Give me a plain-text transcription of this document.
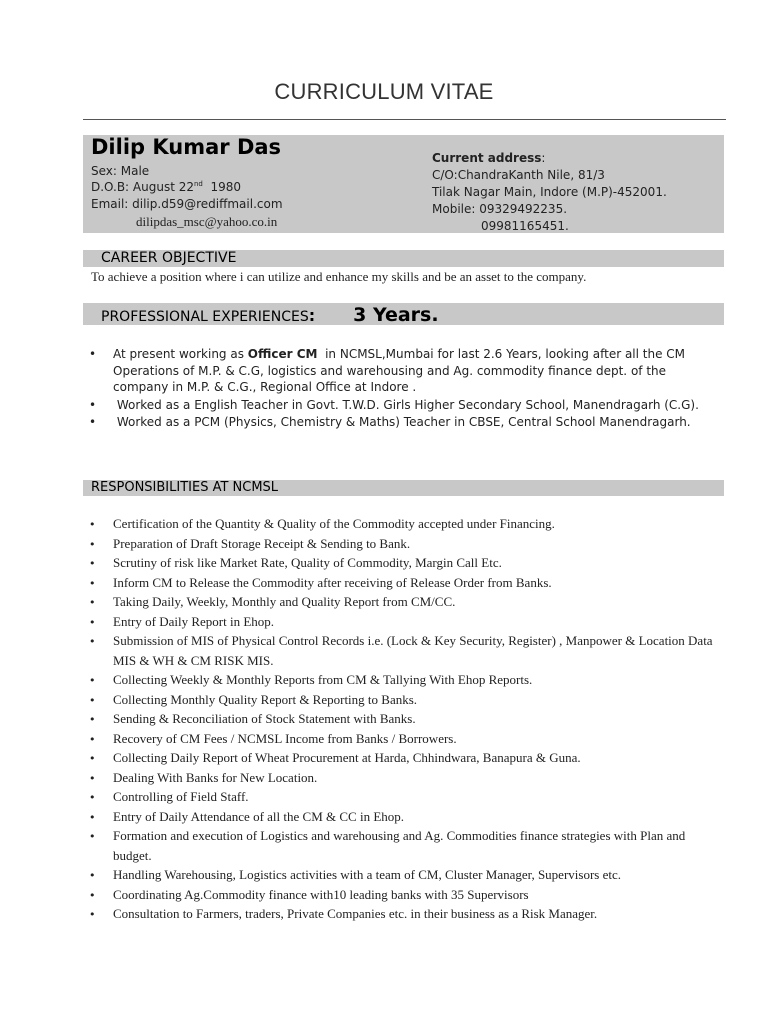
CURRICULUM VITAE
Dilip Kumar Das
Sex: Male
D.O.B: August 22nd  1980
Email: dilip.d59@rediffmail.com
dilipdas_msc@yahoo.co.in
Current address:
C/O:ChandraKanth Nile, 81/3
Tilak Nagar Main, Indore (M.P)-452001.
Mobile: 09329492235.
09981165451.
CAREER OBJECTIVE
To achieve a position where i can utilize and enhance my skills and be an asset to the company.
PROFESSIONAL EXPERIENCES: 3 Years.
• At present working as Officer CM  in NCMSL,Mumbai for last 2.6 Years, looking after all the CM Operations of M.P. & C.G, logistics and warehousing and Ag. commodity finance dept. of the company in M.P. & C.G., Regional Office at Indore .
• Worked as a English Teacher in Govt. T.W.D. Girls Higher Secondary School, Manendragarh (C.G).
• Worked as a PCM (Physics, Chemistry & Maths) Teacher in CBSE, Central School Manendragarh.
RESPONSIBILITIES AT NCMSL
• Certification of the Quantity & Quality of the Commodity accepted under Financing.
• Preparation of Draft Storage Receipt & Sending to Bank.
• Scrutiny of risk like Market Rate, Quality of Commodity, Margin Call Etc.
• Inform CM to Release the Commodity after receiving of Release Order from Banks.
• Taking Daily, Weekly, Monthly and Quality Report from CM/CC.
• Entry of Daily Report in Ehop.
• Submission of MIS of Physical Control Records i.e. (Lock & Key Security, Register) , Manpower & Location Data MIS & WH & CM RISK MIS.
• Collecting Weekly & Monthly Reports from CM & Tallying With Ehop Reports.
• Collecting Monthly Quality Report & Reporting to Banks.
• Sending & Reconciliation of Stock Statement with Banks.
• Recovery of CM Fees / NCMSL Income from Banks / Borrowers.
• Collecting Daily Report of Wheat Procurement at Harda, Chhindwara, Banapura & Guna.
• Dealing With Banks for New Location.
• Controlling of Field Staff.
• Entry of Daily Attendance of all the CM & CC in Ehop.
• Formation and execution of Logistics and warehousing and Ag. Commodities finance strategies with Plan and budget.
• Handling Warehousing, Logistics activities with a team of CM, Cluster Manager, Supervisors etc.
• Coordinating Ag.Commodity finance with10 leading banks with 35 Supervisors
• Consultation to Farmers, traders, Private Companies etc. in their business as a Risk Manager.
